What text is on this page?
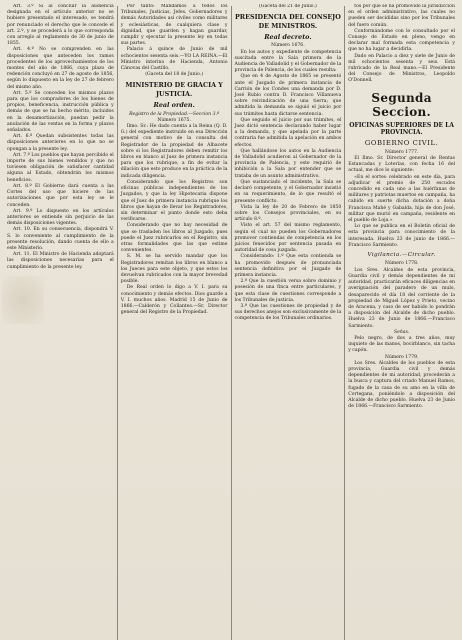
Art. 3.º Si al concluir la audiencia designada en el artículo anterior no se hubiere presentado el interesado, se tendrá por renunciado el derecho que le concede el art. 2.º, y se procederá a lo que corresponda con arreglo al reglamento de 30 de junio de 1855.

Art. 4.º No se comprenden en las disposiciones que anteceden los ramos procedentes de los aprovechamientos de los montes del año de 1866, cuya plazo de redención concluyó en 27 de agosto de 1856, según lo dispuesto en la ley de 27 de febrero del mismo año.

Art. 5.º Se conceden los mismos plazos para que los compradores de los bienes de propios, beneficencia, instrucción pública y demás de que se ha hecho mérito, incluidos en la desamortización, puedan pedir la anulación de las ventas en la forma y plazos señalados.

Art. 6.º Quedan subsistentes todas las disposiciones anteriores en lo que no se opongan a la presente ley.

Art. 7.º Los pueblos que hayan percibido el importe de sus bienes vendidos y que no tuviesen obligación de satisfacer cantidad alguna al Estado, obtendrán los mismos beneficios.

Art. 8.º El Gobierno dará cuenta a las Cortes del uso que hiciere de las autorizaciones que por esta ley se le conceden.

Art. 9.º Lo dispuesto en los artículos anteriores se entiende sin perjuicio de las demás disposiciones vigentes.

Art. 10. En su consecuencia, dispondrá V. S. lo conveniente al cumplimiento de la presente resolución, dando cuenta de ello a este Ministerio.

Art. 11. El Ministro de Hacienda adoptará las disposiciones necesarias para el cumplimiento de la presente ley.

Por tanto: Mandamos a todos los Tribunales, Justicias, Jefes, Gobernadores y demás Autoridades así civiles como militares y eclesiásticas, de cualquiera clase y dignidad, que guarden y hagan guardar, cumplir y ejecutar la presente ley en todas sus partes.

Palacio á quince de Junio de mil ochocientos sesenta seis.—YO LA REINA.—El Ministro interino de Hacienda, Antonio Cánovas del Castillo.

(Gaceta del 18 de Junio.)

MINISTERIO DE GRACIA Y JUSTICIA.
Real orden.

Registro de la Propiedad.—Seccion 3.ª

Número 1675.

Ilmo. Sr.: He dado cuenta a la Reina (Q. D. G.) del expediente instruido en esa Dirección general con motivo de la consulta del Registrador de la propiedad de Albacete sobre si los Registradores deben remitir los libros en blanco al Juez de primera instancia para que los rubrique, a fin de evitar la dilación que esto produce en la práctica de la indicada diligencia.

Considerando que los Registros son oficinas públicas independientes de los Juzgados, y que la ley Hipotecaria dispone que el Juez de primera instancia rubrique los libros que hayan de llevar los Registradores, sin determinar el punto donde esto deba verificarse.

Considerando que no hay necesidad de que se trasladen los libros al Juzgado, pues puede el Juez rubricarlos en el Registro, sin otras formalidades que las que estime convenientes.

S. M. se ha servido mandar que los Registradores remitan los libros en blanco a los Jueces para este objeto, y que estos los devuelvan rubricados con la mayor brevedad posible.

De Real orden lo digo a V. I. para su conocimiento y demás efectos. Dios guarde a V. I. muchos años. Madrid 15 de Junio de 1866.—Calderón y Collantes.—Sr. Director general del Registro de la Propiedad.

(Gaceta del 21 de Junio.)

PRESIDENCIA DEL CONSEJO DE MINISTROS.
Real decreto.

Número 1676.

En los autos y expediente de competencia suscitada entre la Sala primera de la Audiencia de Valladolid y el Gobernador de la provincia de Palencia, de los cuales resulta:

Que en 4 de Agosto de 1865 se presentó ante el Juzgado de primera instancia de Carrión de los Condes una demanda por D. José Rubio contra D. Francisco Villanueva sobre reivindicación de una tierra; que admitida la demanda se siguió el juicio por sus trámites hasta dictarse sentencia.

Que seguido el juicio por sus trámites, el Juez dictó sentencia declarando haber lugar a la demanda, y que apelada por la parte contraria fue admitida la apelación en ambos efectos.

Que hallándose los autos en la Audiencia de Valladolid acudieron al Gobernador de la provincia de Palencia, y este requirió de inhibición a la Sala por entender que se trataba de un asunto administrativo.

Que sustanciado el incidente, la Sala se declaró competente, y el Gobernador insistió en su requerimiento, de lo que resultó el presente conflicto.

Vista la ley de 20 de Febrero de 1850 sobre los Consejos provinciales, en su artículo 8.º.

Visto el art. 57 del mismo reglamento, según el cual no pueden los Gobernadores promover contiendas de competencia en los juicios fenecidos por sentencia pasada en autoridad de cosa juzgada.

Considerando: 1.º Que esta contienda se ha promovido después de pronunciada sentencia definitiva por el Juzgado de primera instancia.

2.º Que la cuestión versa sobre dominio y posesión de una finca entre particulares, y que esta clase de cuestiones corresponde a los Tribunales de justicia.

3.º Que las cuestiones de propiedad y de sus derechos anejos son exclusivamente de la competencia de los Tribunales ordinarios.

tos por que se ha promovido la jurisdicción en el orden administrativo, las cuales no pueden ser decididas sino por los Tribunales del fuero común.

Conformándome con lo consultado por el Consejo de Estado en pleno, vengo en declarar mal formada esta competencia y que no ha lugar a decidirla.

Dado en Palacio a diez y siete de Junio de mil ochocientos sesenta y seis. Está rubricado de la Real mano.—El Presidente del Consejo de Ministros, Leopoldo O'Donnell.

Segunda Seccion.
OFICINAS SUPERIORES DE LA PROVINCIA.
GOBIERNO CIVIL.

Número 1777.

El Ilmo. Sr. Director general de Rentas Estancadas y Loterías, con fecha 16 del actual, me dice lo siguiente:

«En el sorteo celebrado en este día, para adjudicar el premio de 250 escudos concedido en cada uno a las huérfanas de militares y patriotas muertos en campaña, ha cabido en suerte dicha dotación a doña Francisca Mahé y Gabalda, hija de don José, militar que murió en campaña, residente en el pueblo de Loja.»

Lo que se publica en el Boletín oficial de esta provincia para conocimiento de la interesada. Huelva 23 de junio de 1866.—Francisco Sarmiento.

Vigilancia.—Circular.

Número 1778.

Los Sres. Alcaldes de esta provincia, Guardia civil y demás dependientes de mi autoridad, practicarán eficaces diligencias en averiguación del paradero de un mulo, desaparecido el día 18 del corriente de la propiedad de Miguel López y Prieto, vecino de Aracena, y caso de ser habido lo pondrán a disposición del Alcalde de dicho pueblo. Huelva 23 de Junio de 1866.—Francisco Sarmiento.

Señas.

Pelo negro, de dos a tres años, muy inquieto de las manos, bocirblanco, sin tacha y capón.

Número 1779.

Los Sres. Alcaldes de los pueblos de esta provincia, Guardia civil y demás dependientes de mi autoridad, procederán a la busca y captura del criado Manuel Ramos, fugado de la casa de su amo en la villa de Cortegana, poniéndolo a disposición del Alcalde de dicho pueblo. Huelva 23 de Junio de 1866.—Francisco Sarmiento.
